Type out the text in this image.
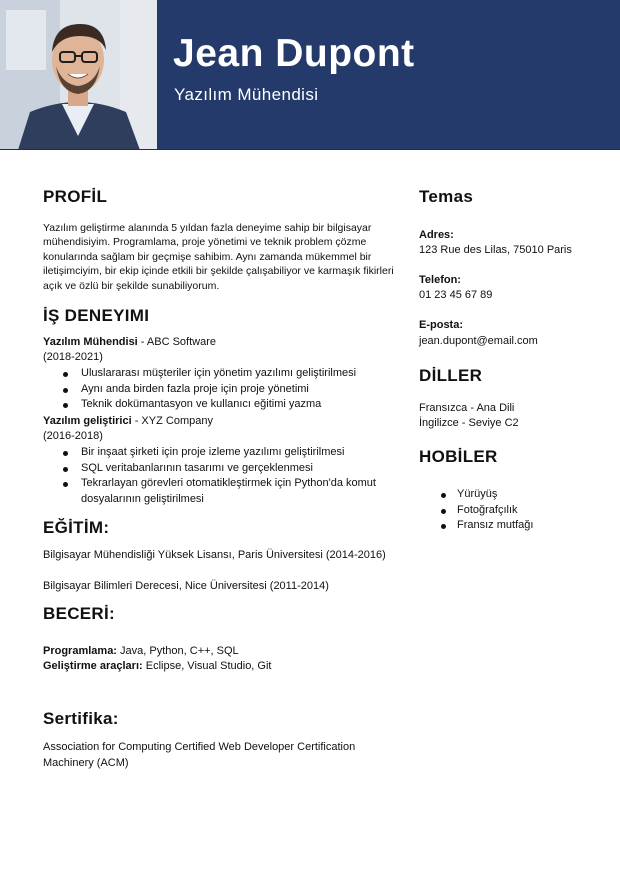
Jean Dupont
Yazılım Mühendisi
PROFİL
Yazılım geliştirme alanında 5 yıldan fazla deneyime sahip bir bilgisayar mühendisiyim. Programlama, proje yönetimi ve teknik problem çözme konularında sağlam bir geçmişe sahibim. Aynı zamanda mükemmel bir iletişimciyim, bir ekip içinde etkili bir şekilde çalışabiliyor ve karmaşık fikirleri açık ve özlü bir şekilde sunabiliyorum.
İŞ DENEYIMI
Yazılım Mühendisi - ABC Software
(2018-2021)
Uluslararası müşteriler için yönetim yazılımı geliştirilmesi
Aynı anda birden fazla proje için proje yönetimi
Teknik dokümantasyon ve kullanıcı eğitimi yazma
Yazılım geliştirici - XYZ Company
(2016-2018)
Bir inşaat şirketi için proje izleme yazılımı geliştirilmesi
SQL veritabanlarının tasarımı ve gerçeklenmesi
Tekrarlayan görevleri otomatikleştirmek için Python'da komut dosyalarının geliştirilmesi
EĞİTİM:
Bilgisayar Mühendisliği Yüksek Lisansı, Paris Üniversitesi (2014-2016)
Bilgisayar Bilimleri Derecesi, Nice Üniversitesi (2011-2014)
BECERİ:
Programlama: Java, Python, C++, SQL
Geliştirme araçları: Eclipse, Visual Studio, Git
Sertifika:
Association for Computing Certified Web Developer Certification Machinery (ACM)
Temas
Adres:
123 Rue des Lilas, 75010 Paris
Telefon:
01 23 45 67 89
E-posta:
jean.dupont@email.com
DİLLER
Fransızca - Ana Dili
İngilizce - Seviye C2
HOBİLER
Yürüyüş
Fotoğrafçılık
Fransız mutfağı
